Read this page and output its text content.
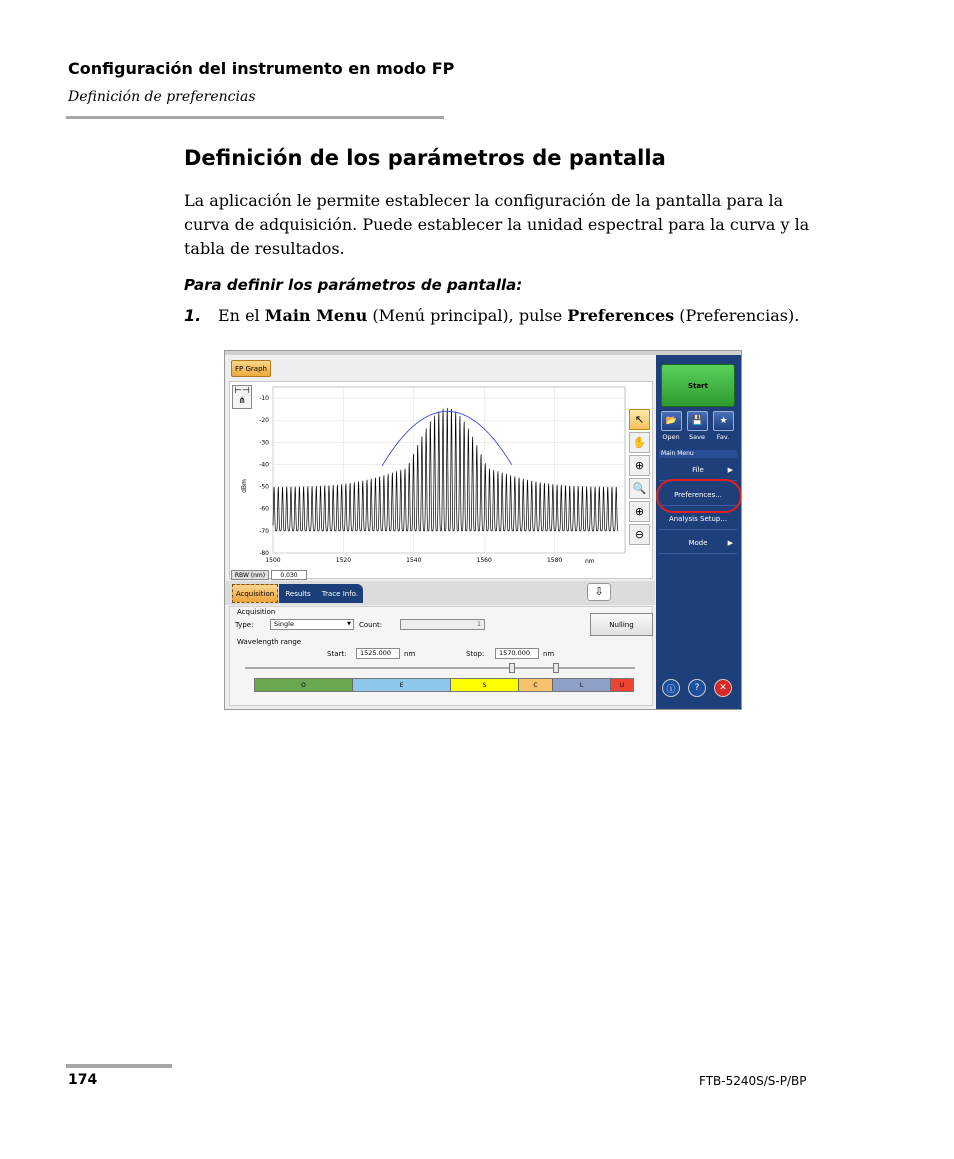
Configuración del instrumento en modo FP
Definición de preferencias
Definición de los parámetros de pantalla
La aplicación le permite establecer la configuración de la pantalla para la curva de adquisición. Puede establecer la unidad espectral para la curva y la tabla de resultados.
Para definir los parámetros de pantalla:
1. En el Main Menu (Menú principal), pulse Preferences (Preferencias).
FP Graph
⊢⊣
⋔	-10
-20
-30
-40
-50
-60
-70
-80
1500	1520	1540	1560	1580	nm
dBm
↖
✋
⊕
🔍
⊕
⊖
RBW (nm)	0.030
Acquisition	Results	Trace Info.	⇩
Acquisition
Type:	Single	▼ Count:	1	Nulling
Wavelength range
Start:	1525.000	nm	Stop:	1570.000	nm
O	E	S	C	L	U
Start
📂	💾	★
Open	Save	Fav.
Main Menu
File	▶
Preferences...
Analysis Setup...
Mode	▶
ⓘ	?	✕
174	FTB-5240S/S-P/BP
